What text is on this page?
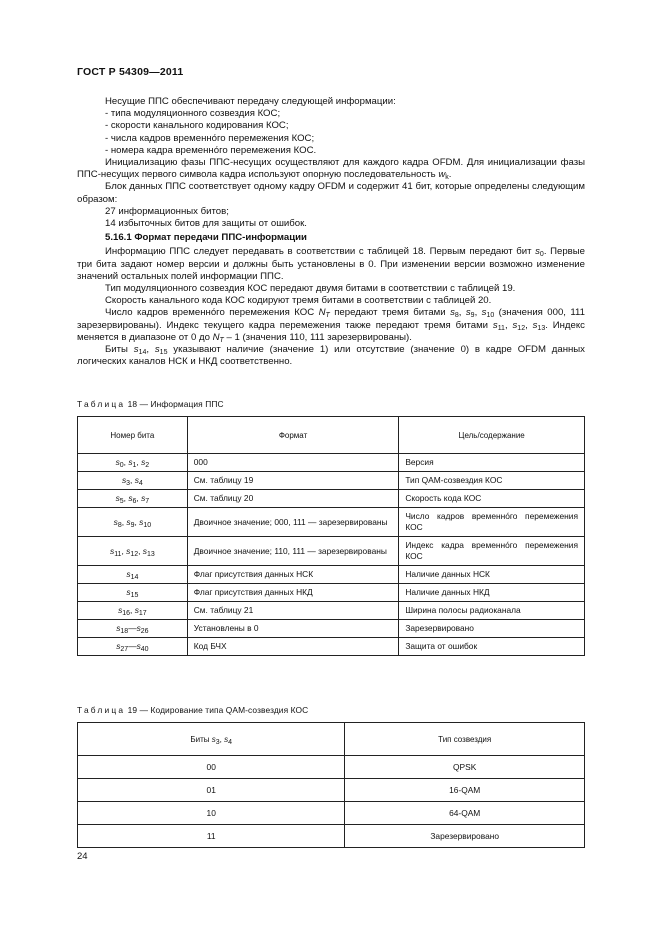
ГОСТ Р 54309—2011

Несущие ППС обеспечивают передачу следующей информации:

- типа модуляционного созвездия КОС;

- скорости канального кодирования КОС;

- числа кадров временно́го перемежения КОС;

- номера кадра временно́го перемежения КОС.

Инициализацию фазы ППС-несущих осуществляют для каждого кадра OFDM. Для инициализации фазы ППС-несущих первого символа кадра используют опорную последовательность $w_k$.

Блок данных ППС соответствует одному кадру OFDM и содержит 41 бит, которые определены следующим образом:

27 информационных битов;

14 избыточных битов для защиты от ошибок.

5.16.1 Формат передачи ППС-информации

Информацию ППС следует передавать в соответствии с таблицей 18. Первым передают бит $s_0$. Первые три бита задают номер версии и должны быть установлены в 0. При изменении версии возможно изменение значений остальных полей информации ППС.

Тип модуляционного созвездия КОС передают двумя битами в соответствии с таблицей 19.

Скорость канального кода КОС кодируют тремя битами в соответствии с таблицей 20.

Число кадров временно́го перемежения КОС $N_T$ передают тремя битами $s_8$, $s_9$, $s_{10}$ (значения 000, 111 зарезервированы). Индекс текущего кадра перемежения также передают тремя битами $s_{11}$, $s_{12}$, $s_{13}$. Индекс меняется в диапазоне от 0 до $N_T - 1$ (значения 110, 111 зарезервированы).

Биты $s_{14}$, $s_{15}$ указывают наличие (значение 1) или отсутствие (значение 0) в кадре OFDM данных логических каналов НСК и НКД соответственно.

Таблица 18 — Информация ППС
Номер бита	Формат	Цель/содержание
$s_0$, $s_1$, $s_2$	000	Версия
$s_3$, $s_4$	См. таблицу 19	Тип QAM-созвездия КОС
$s_5$, $s_6$, $s_7$	См. таблицу 20	Скорость кода КОС
$s_8$, $s_9$, $s_{10}$	Двоичное значение; 000, 111 — зарезервированы	Число кадров временно́го перемежения КОС
$s_{11}$, $s_{12}$, $s_{13}$	Двоичное значение; 110, 111 — зарезервированы	Индекс кадра временно́го перемежения КОС
$s_{14}$	Флаг присутствия данных НСК	Наличие данных НСК
$s_{15}$	Флаг присутствия данных НКД	Наличие данных НКД
$s_{16}$, $s_{17}$	См. таблицу 21	Ширина полосы радиоканала
$s_{18}—s_{26}$	Установлены в 0	Зарезервировано
$s_{27}—s_{40}$	Код БЧХ	Защита от ошибок
Таблица 19 — Кодирование типа QAM-созвездия КОС
Биты $s_3$, $s_4$	Тип созвездия
00	QPSK
01	16-QAM
10	64-QAM
11	Зарезервировано
24
